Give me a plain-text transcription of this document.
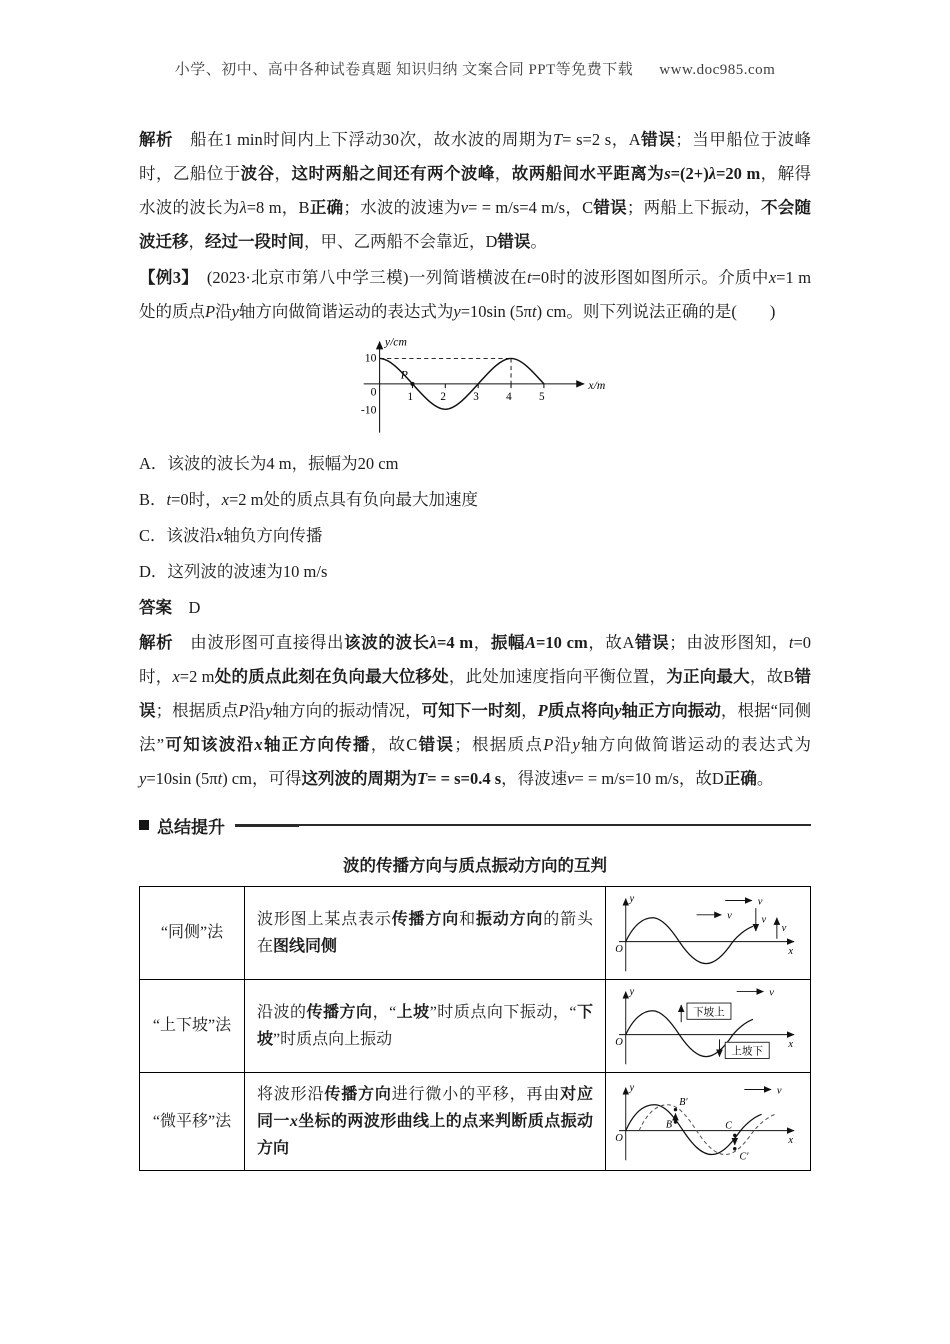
小学、初中、高中各种试卷真题 知识归纳 文案合同 PPT等免费下载 www.doc985.com

解析　船在1 min时间内上下浮动30次，故水波的周期为T= s=2 s，A错误；当甲船位于波峰时，乙船位于波谷，这时两船之间还有两个波峰，故两船间水平距离为s=(2+)λ=20 m，解得水波的波长为λ=8 m，B正确；水波的波速为v= = m/s=4 m/s，C错误；两船上下振动，不会随波迁移，经过一段时间，甲、乙两船不会靠近，D错误。

【例3】　(2023·北京市第八中学三模)一列简谐横波在t=0时的波形图如图所示。介质中x=1 m处的质点P沿y轴方向做简谐运动的表达式为y=10sin (5πt) cm。则下列说法正确的是(　　)

y/cm
10
0
-10
x/m
P
1	2	3	4	5
A．该波的波长为4 m，振幅为20 cm
B．t=0时，x=2 m处的质点具有负向最大加速度
C．该波沿x轴负方向传播
D．这列波的波速为10 m/s
答案　D

解析　由波形图可直接得出该波的波长λ=4 m，振幅A=10 cm，故A错误；由波形图知，t=0时，x=2 m处的质点此刻在负向最大位移处，此处加速度指向平衡位置，为正向最大，故B错误；根据质点P沿y轴方向的振动情况，可知下一时刻，P质点将向y轴正方向振动，根据“同侧法”可知该波沿x轴正方向传播，故C错误；根据质点P沿y轴方向做简谐运动的表达式为y=10sin (5πt) cm，可得这列波的周期为T= = s=0.4 s，得波速v= = m/s=10 m/s，故D正确。

总结提升
波的传播方向与质点振动方向的互判
“同侧”法	波形图上某点表示传播方向和振动方向的箭头在图线同侧	
v
v	v
v
y
x
O

“上下坡”法	沿波的传播方向，“上坡”时质点向下振动，“下坡”时质点向上振动	
v
下坡上
上坡下
y
x
O

“微平移”法	将波形沿传播方向进行微小的平移，再由对应同一x坐标的两波形曲线上的点来判断质点振动方向	
v
B
B′
C
C′
y
x
O
